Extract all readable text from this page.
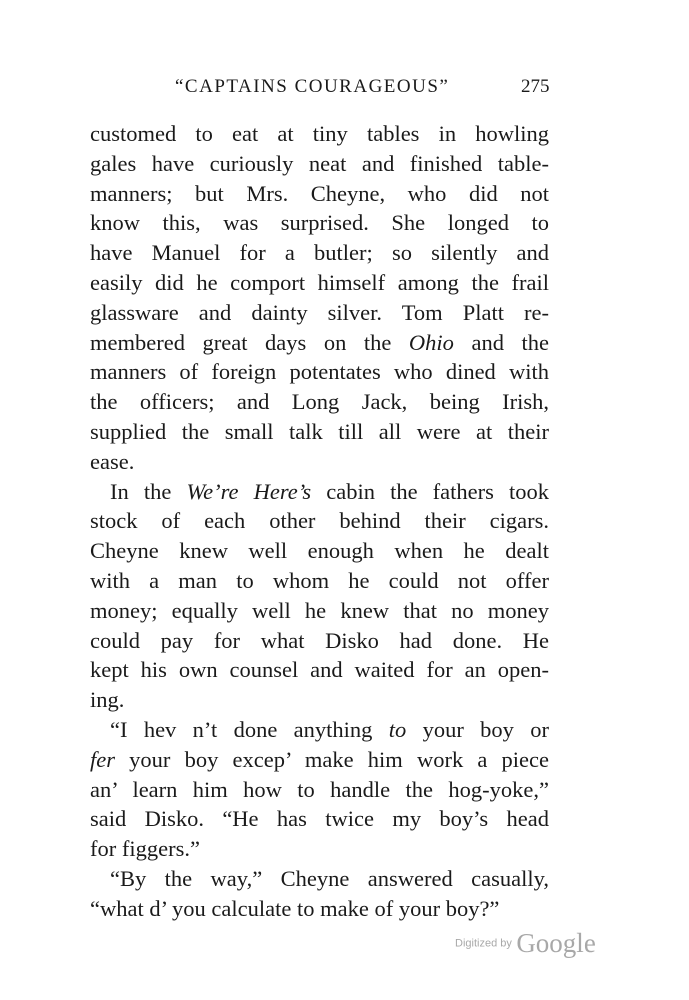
“CAPTAINS COURAGEOUS”	275
customed to eat at tiny tables in howling
gales have curiously neat and finished table-
manners; but Mrs. Cheyne, who did not
know this, was surprised. She longed to
have Manuel for a butler; so silently and
easily did he comport himself among the frail
glassware and dainty silver. Tom Platt re-
membered great days on the Ohio and the
manners of foreign potentates who dined with
the officers; and Long Jack, being Irish,
supplied the small talk till all were at their
ease.
In the We’re Here’s cabin the fathers took
stock of each other behind their cigars.
Cheyne knew well enough when he dealt
with a man to whom he could not offer
money; equally well he knew that no money
could pay for what Disko had done. He
kept his own counsel and waited for an open-
ing.
“I hev n’t done anything to your boy or
fer your boy excep’ make him work a piece
an’ learn him how to handle the hog-yoke,”
said Disko. “He has twice my boy’s head
for figgers.”
“By the way,” Cheyne answered casually,
“what d’ you calculate to make of your boy?”
Digitized by Google
